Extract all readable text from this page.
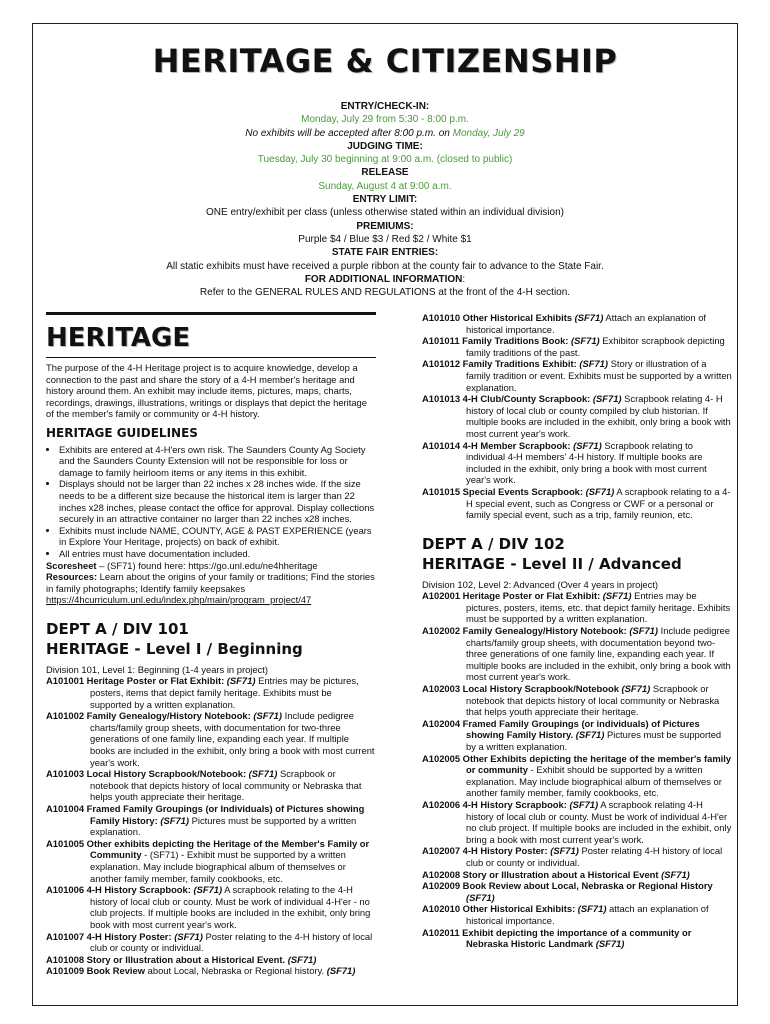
HERITAGE & CITIZENSHIP
ENTRY/CHECK-IN:
Monday, July 29 from 5:30 - 8:00 p.m.
No exhibits will be accepted after 8:00 p.m. on Monday, July 29
JUDGING TIME:
Tuesday, July 30 beginning at 9:00 a.m. (closed to public)
RELEASE
Sunday, August 4 at 9:00 a.m.
ENTRY LIMIT:
ONE entry/exhibit per class (unless otherwise stated within an individual division)
PREMIUMS:
Purple $4 / Blue $3 / Red $2 / White $1
STATE FAIR ENTRIES:
All static exhibits must have received a purple ribbon at the county fair to advance to the State Fair.
FOR ADDITIONAL INFORMATION:
Refer to the GENERAL RULES AND REGULATIONS at the front of the 4-H section.
HERITAGE
The purpose of the 4-H Heritage project is to acquire knowledge, develop a connection to the past and share the story of a 4-H member's heritage and history around them. An exhibit may include items, pictures, maps, charts, recordings, drawings, illustrations, writings or displays that depict the heritage of the member's family or community or 4-H history.
HERITAGE GUIDELINES
• Exhibits are entered at 4-H'ers own risk. The Saunders County Ag Society and the Saunders County Extension will not be responsible for loss or damage to family heirloom items or any items in this exhibit.
• Displays should not be larger than 22 inches x 28 inches wide. If the size needs to be a different size because the historical item is larger than 22 inches x28 inches, please contact the office for approval. Display collections securely in an attractive container no larger than 22 inches x28 inches.
• Exhibits must include NAME, COUNTY, AGE & PAST EXPERIENCE (years in Explore Your Heritage, projects) on back of exhibit.
• All entries must have documentation included.
Scoresheet – (SF71) found here: https://go.unl.edu/ne4hheritage
Resources: Learn about the origins of your family or traditions; Find the stories in family photographs; Identify family keepsakes
https://4hcurriculum.unl.edu/index.php/main/program_project/47
DEPT A / DIV 101
HERITAGE - Level I / Beginning
Division 101, Level 1: Beginning (1-4 years in project)
A101001 Heritage Poster or Flat Exhibit: (SF71) Entries may be pictures, posters, items that depict family heritage. Exhibits must be supported by a written explanation.
A101002 Family Genealogy/History Notebook: (SF71) Include pedigree charts/family group sheets, with documentation for two-three generations of one family line, expanding each year. If multiple books are included in the exhibit, only bring a book with most current year's work.
A101003 Local History Scrapbook/Notebook: (SF71) Scrapbook or notebook that depicts history of local community or Nebraska that helps youth appreciate their heritage.
A101004 Framed Family Groupings (or Individuals) of Pictures showing Family History: (SF71) Pictures must be supported by a written explanation.
A101005 Other exhibits depicting the Heritage of the Member's Family or Community - (SF71) - Exhibit must be supported by a written explanation. May include biographical album of themselves or another family member, family cookbooks, etc.
A101006 4-H History Scrapbook: (SF71) A scrapbook relating to the 4-H history of local club or county. Must be work of individual 4-H'er - no club projects. If multiple books are included in the exhibit, only bring book with most current year's work.
A101007 4-H History Poster: (SF71) Poster relating to the 4-H history of local club or county or individual.
A101008 Story or Illustration about a Historical Event. (SF71)
A101009 Book Review about Local, Nebraska or Regional history. (SF71)
A101010 Other Historical Exhibits (SF71) Attach an explanation of historical importance.
A101011 Family Traditions Book: (SF71) Exhibitor scrapbook depicting family traditions of the past.
A101012 Family Traditions Exhibit: (SF71) Story or illustration of a family tradition or event. Exhibits must be supported by a written explanation.
A101013 4-H Club/County Scrapbook: (SF71) Scrapbook relating 4- H history of local club or county compiled by club historian. If multiple books are included in the exhibit, only bring a book with most current year's work.
A101014 4-H Member Scrapbook: (SF71) Scrapbook relating to individual 4-H members' 4-H history. If multiple books are included in the exhibit, only bring a book with most current year's work.
A101015 Special Events Scrapbook: (SF71) A scrapbook relating to a 4-H special event, such as Congress or CWF or a personal or family special event, such as a trip, family reunion, etc.
DEPT A / DIV 102
HERITAGE - Level II / Advanced
Division 102, Level 2: Advanced (Over 4 years in project)
A102001 Heritage Poster or Flat Exhibit: (SF71) Entries may be pictures, posters, items, etc. that depict family heritage. Exhibits must be supported by a written explanation.
A102002 Family Genealogy/History Notebook: (SF71) Include pedigree charts/family group sheets, with documentation beyond two-three generations of one family line, expanding each year. If multiple books are included in the exhibit, only bring a book with most current year's work.
A102003 Local History Scrapbook/Notebook (SF71) Scrapbook or notebook that depicts history of local community or Nebraska that helps youth appreciate their heritage.
A102004 Framed Family Groupings (or individuals) of Pictures showing Family History. (SF71) Pictures must be supported by a written explanation.
A102005 Other Exhibits depicting the heritage of the member's family or community - Exhibit should be supported by a written explanation. May include biographical album of themselves or another family member, family cookbooks, etc.
A102006 4-H History Scrapbook: (SF71) A scrapbook relating 4-H history of local club or county. Must be work of individual 4-H'er no club project. If multiple books are included in the exhibit, only bring a book with most current year's work.
A102007 4-H History Poster: (SF71) Poster relating 4-H history of local club or county or individual.
A102008 Story or Illustration about a Historical Event (SF71)
A102009 Book Review about Local, Nebraska or Regional History (SF71)
A102010 Other Historical Exhibits: (SF71) attach an explanation of historical importance.
A102011 Exhibit depicting the importance of a community or Nebraska Historic Landmark (SF71)
